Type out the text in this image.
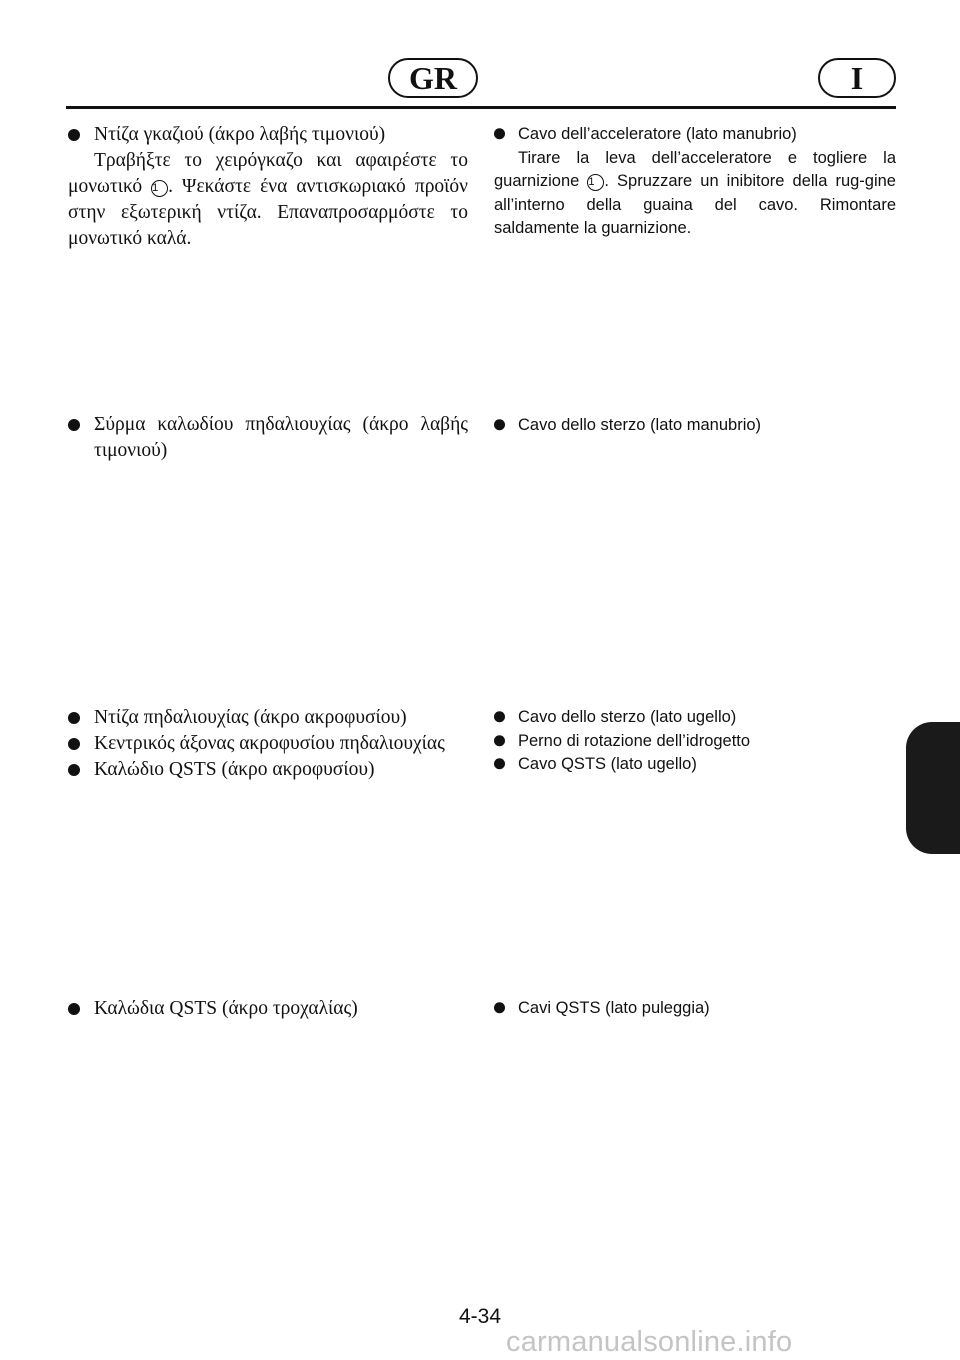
GR	I

Ντίζα γκαζιού (άκρο λαβής τιμονιού)

Τραβήξτε το χειρόγκαζο και αφαιρέστε το μονωτικό 1 . Ψεκάστε ένα αντισκωριακό προϊόν στην εξωτερική ντίζα. Επαναπροσαρμόστε το μονωτικό καλά.

Cavo dell’acceleratore (lato manubrio)

Tirare la leva dell’acceleratore e togliere la guarnizione 1 . Spruzzare un inibitore della rug-gine all’interno della guaina del cavo. Rimontare saldamente la guarnizione.

Σύρμα καλωδίου πηδαλιουχίας (άκρο λαβής τιμονιού)

Cavo dello sterzo (lato manubrio)

Ντίζα πηδαλιουχίας (άκρο ακροφυσίου)

Κεντρικός άξονας ακροφυσίου πηδαλιουχίας

Καλώδιο QSTS (άκρο ακροφυσίου)

Cavo dello sterzo (lato ugello)

Perno di rotazione dell’idrogetto

Cavo QSTS (lato ugello)

Καλώδια QSTS (άκρο τροχαλίας)	Cavi QSTS (lato puleggia)

4-34
carmanualsonline.info
